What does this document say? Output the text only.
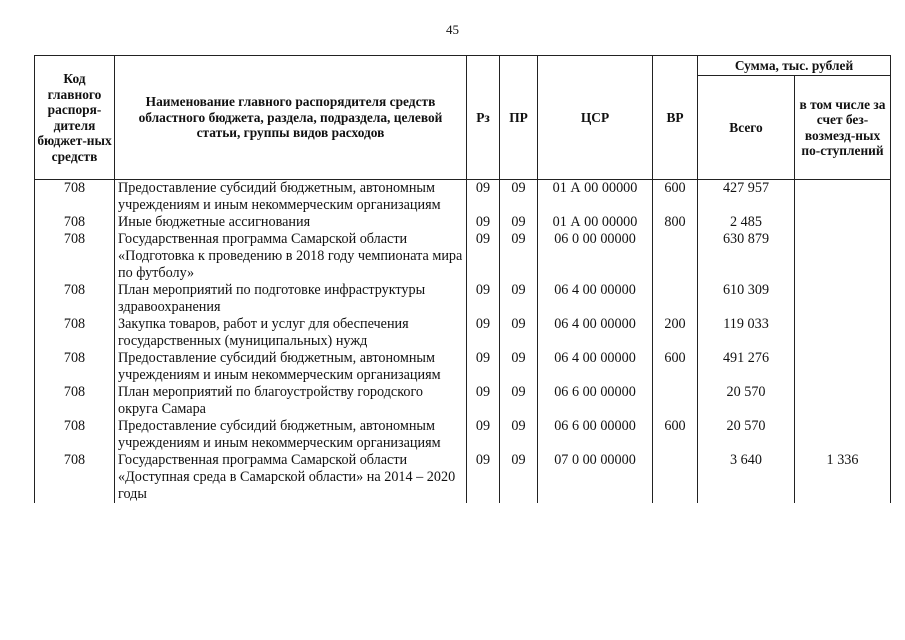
45
Код главного распоря-дителя бюджет-ных средств	Наименование главного распорядителя средств областного бюджета, раздела, подраздела, целевой статьи, группы видов расходов	Рз	ПР	ЦСР	ВР	Сумма, тыс. рублей	
						Всего	в том числе за счет без-возмезд-ных по-ступлений
708	Предоставление субсидий бюджетным, автономным учреждениям и иным некоммерческим организациям	09	09	01 А 00 00000	600	427 957	
708	Иные бюджетные ассигнования	09	09	01 А 00 00000	800	2 485	
708	Государственная программа Самарской области «Подготовка к проведению в 2018 году чемпионата мира по футболу»	09	09	06 0 00 00000		630 879	
708	План мероприятий по подготовке инфраструктуры здравоохранения	09	09	06 4 00 00000		610 309	
708	Закупка товаров, работ и услуг для обеспечения государственных (муниципальных) нужд	09	09	06 4 00 00000	200	119 033	
708	Предоставление субсидий бюджетным, автономным учреждениям и иным некоммерческим организациям	09	09	06 4 00 00000	600	491 276	
708	План мероприятий по благоустройству городского округа Самара	09	09	06 6 00 00000		20 570	
708	Предоставление субсидий бюджетным, автономным учреждениям и иным некоммерческим организациям	09	09	06 6 00 00000	600	20 570	
708	Государственная программа Самарской области «Доступная среда в Самарской области» на 2014 – 2020 годы	09	09	07 0 00 00000		3 640	1 336
